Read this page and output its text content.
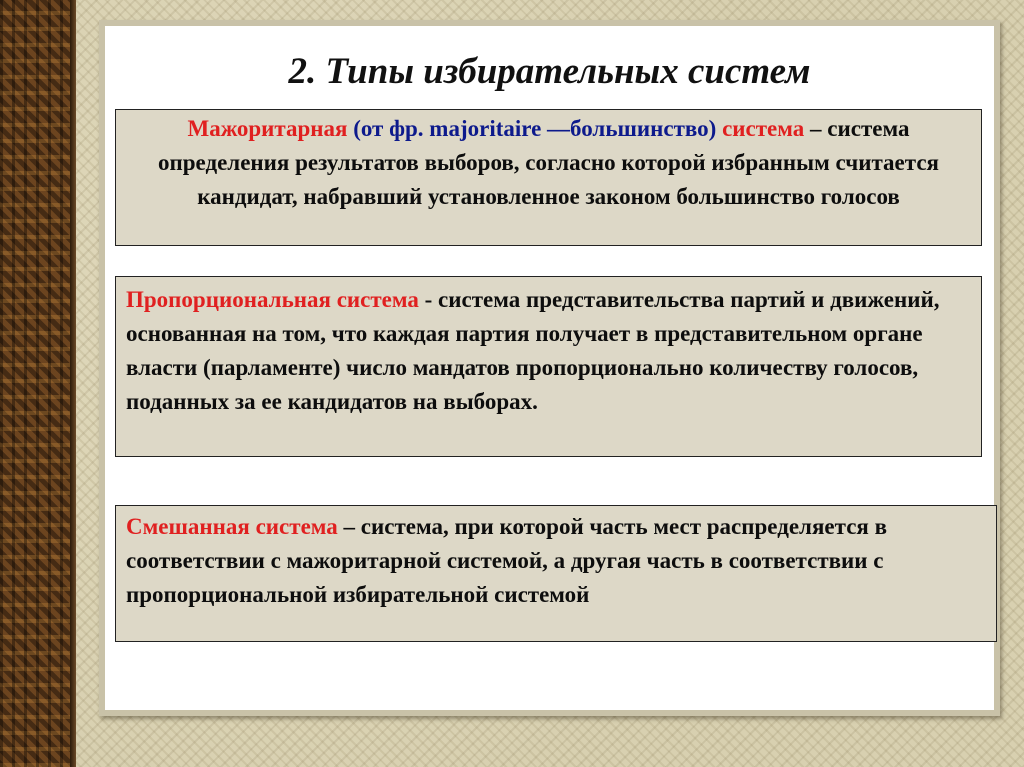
2. Типы избирательных систем
Мажоритарная (от фр. majoritaire —большинство) система – система определения результатов выборов, согласно которой избранным считается кандидат, набравший установленное законом большинство голосов
Пропорциональная система - система представительства партий и движений, основанная на том, что каждая партия получает в представительном органе власти (парламенте) число мандатов пропорционально количеству голосов, поданных за ее кандидатов на выборах.
Смешанная система – система, при которой часть мест распределяется в соответствии с мажоритарной системой, а другая часть в соответствии с пропорциональной избирательной системой
